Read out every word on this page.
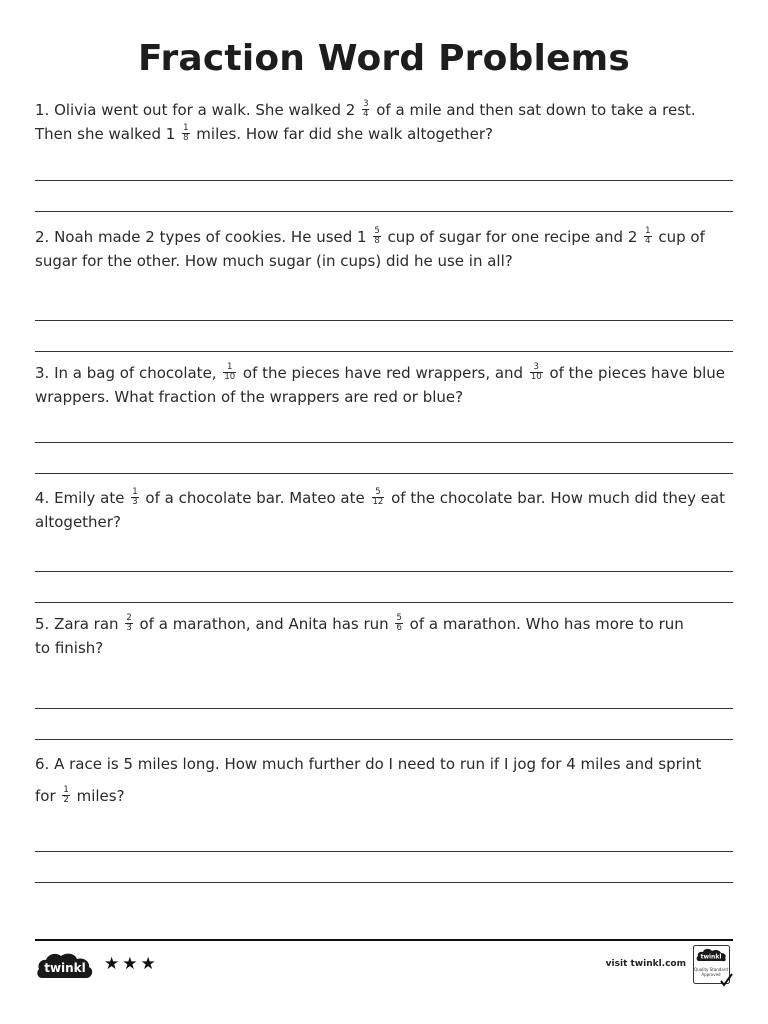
Fraction Word Problems
1. Olivia went out for a walk. She walked $2 \frac{3}{4}$ of a mile and then sat down to take a rest. Then she walked $1 \frac{1}{8}$ miles. How far did she walk altogether?
2. Noah made 2 types of cookies. He used $1 \frac{5}{8}$ cup of sugar for one recipe and $2 \frac{1}{4}$ cup of sugar for the other. How much sugar (in cups) did he use in all?
3. In a bag of chocolate, $\frac{1}{10}$ of the pieces have red wrappers, and $\frac{3}{10}$ of the pieces have blue wrappers. What fraction of the wrappers are red or blue?
4. Emily ate $\frac{1}{3}$ of a chocolate bar. Mateo ate $\frac{5}{12}$ of the chocolate bar. How much did they eat altogether?
5. Zara ran $\frac{2}{3}$ of a marathon, and Anita has run $\frac{5}{6}$ of a marathon. Who has more to run
to finish?
6. A race is 5 miles long. How much further do I need to run if I jog for 4 miles and sprint
for $\frac{1}{2}$ miles?
twinkl ★★★	visit twinkl.com
twinkl
Quality Standard
Approved
